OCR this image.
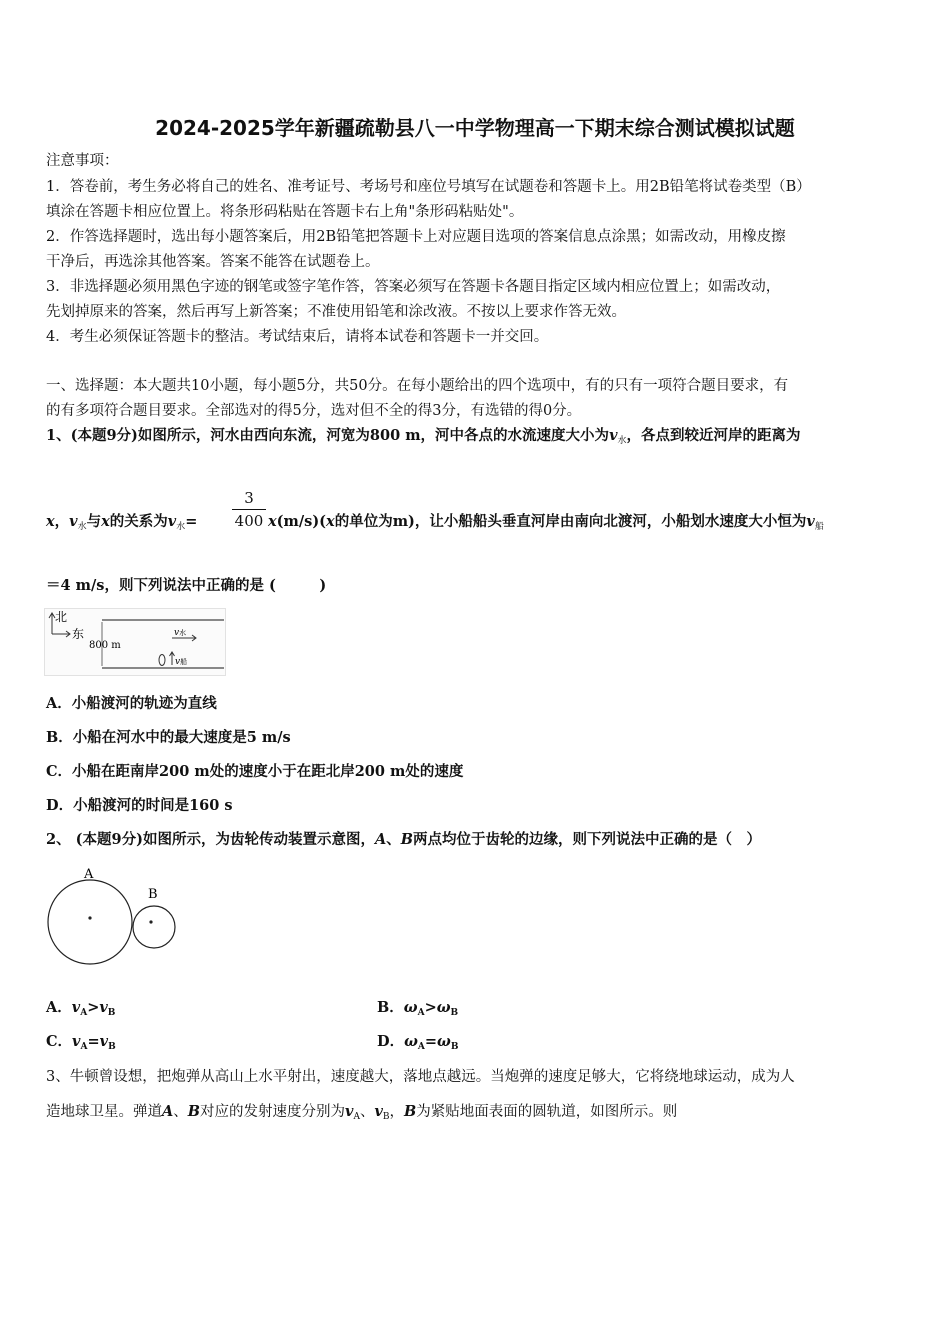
2024-2025学年新疆疏勒县八一中学物理高一下期末综合测试模拟试题
注意事项：
1．答卷前，考生务必将自己的姓名、准考证号、考场号和座位号填写在试题卷和答题卡上。用2B铅笔将试卷类型（B）
填涂在答题卡相应位置上。将条形码粘贴在答题卡右上角"条形码粘贴处"。
2．作答选择题时，选出每小题答案后，用2B铅笔把答题卡上对应题目选项的答案信息点涂黑；如需改动，用橡皮擦
干净后，再选涂其他答案。答案不能答在试题卷上。
3．非选择题必须用黑色字迹的钢笔或签字笔作答，答案必须写在答题卡各题目指定区域内相应位置上；如需改动，
先划掉原来的答案，然后再写上新答案；不准使用铅笔和涂改液。不按以上要求作答无效。
4．考生必须保证答题卡的整洁。考试结束后，请将本试卷和答题卡一并交回。
一、选择题：本大题共10小题，每小题5分，共50分。在每小题给出的四个选项中，有的只有一项符合题目要求，有
的有多项符合题目要求。全部选对的得5分，选对但不全的得3分，有选错的得0分。
1、(本题9分)如图所示，河水由西向东流，河宽为800 m，河中各点的水流速度大小为$v_水$，各点到较近河岸的距离为
$\frac{3}{400}$
x，$v_水$与x的关系为$v_水=$	x(m/s)(x的单位为m)，让小船船头垂直河岸由南向北渡河，小船划水速度大小恒为$v_船$
＝4 m/s，则下列说法中正确的是 (　　　)
北
东
800 m
v水
v船
A．小船渡河的轨迹为直线
B．小船在河水中的最大速度是5 m/s
C．小船在距南岸200 m处的速度小于在距北岸200 m处的速度
D．小船渡河的时间是160 s
2、 (本题9分)如图所示，为齿轮传动装置示意图，A、B两点均位于齿轮的边缘，则下列说法中正确的是（　）
A
B
A．$v_A>v_B$	B．$\omega_A>\omega_B$
C．$v_A=v_B$	D．$\omega_A=\omega_B$
3、牛顿曾设想，把炮弹从高山上水平射出，速度越大，落地点越远。当炮弹的速度足够大，它将绕地球运动，成为人
造地球卫星。弹道A、B对应的发射速度分别为$v_A$、$v_B$，B为紧贴地面表面的圆轨道，如图所示。则
